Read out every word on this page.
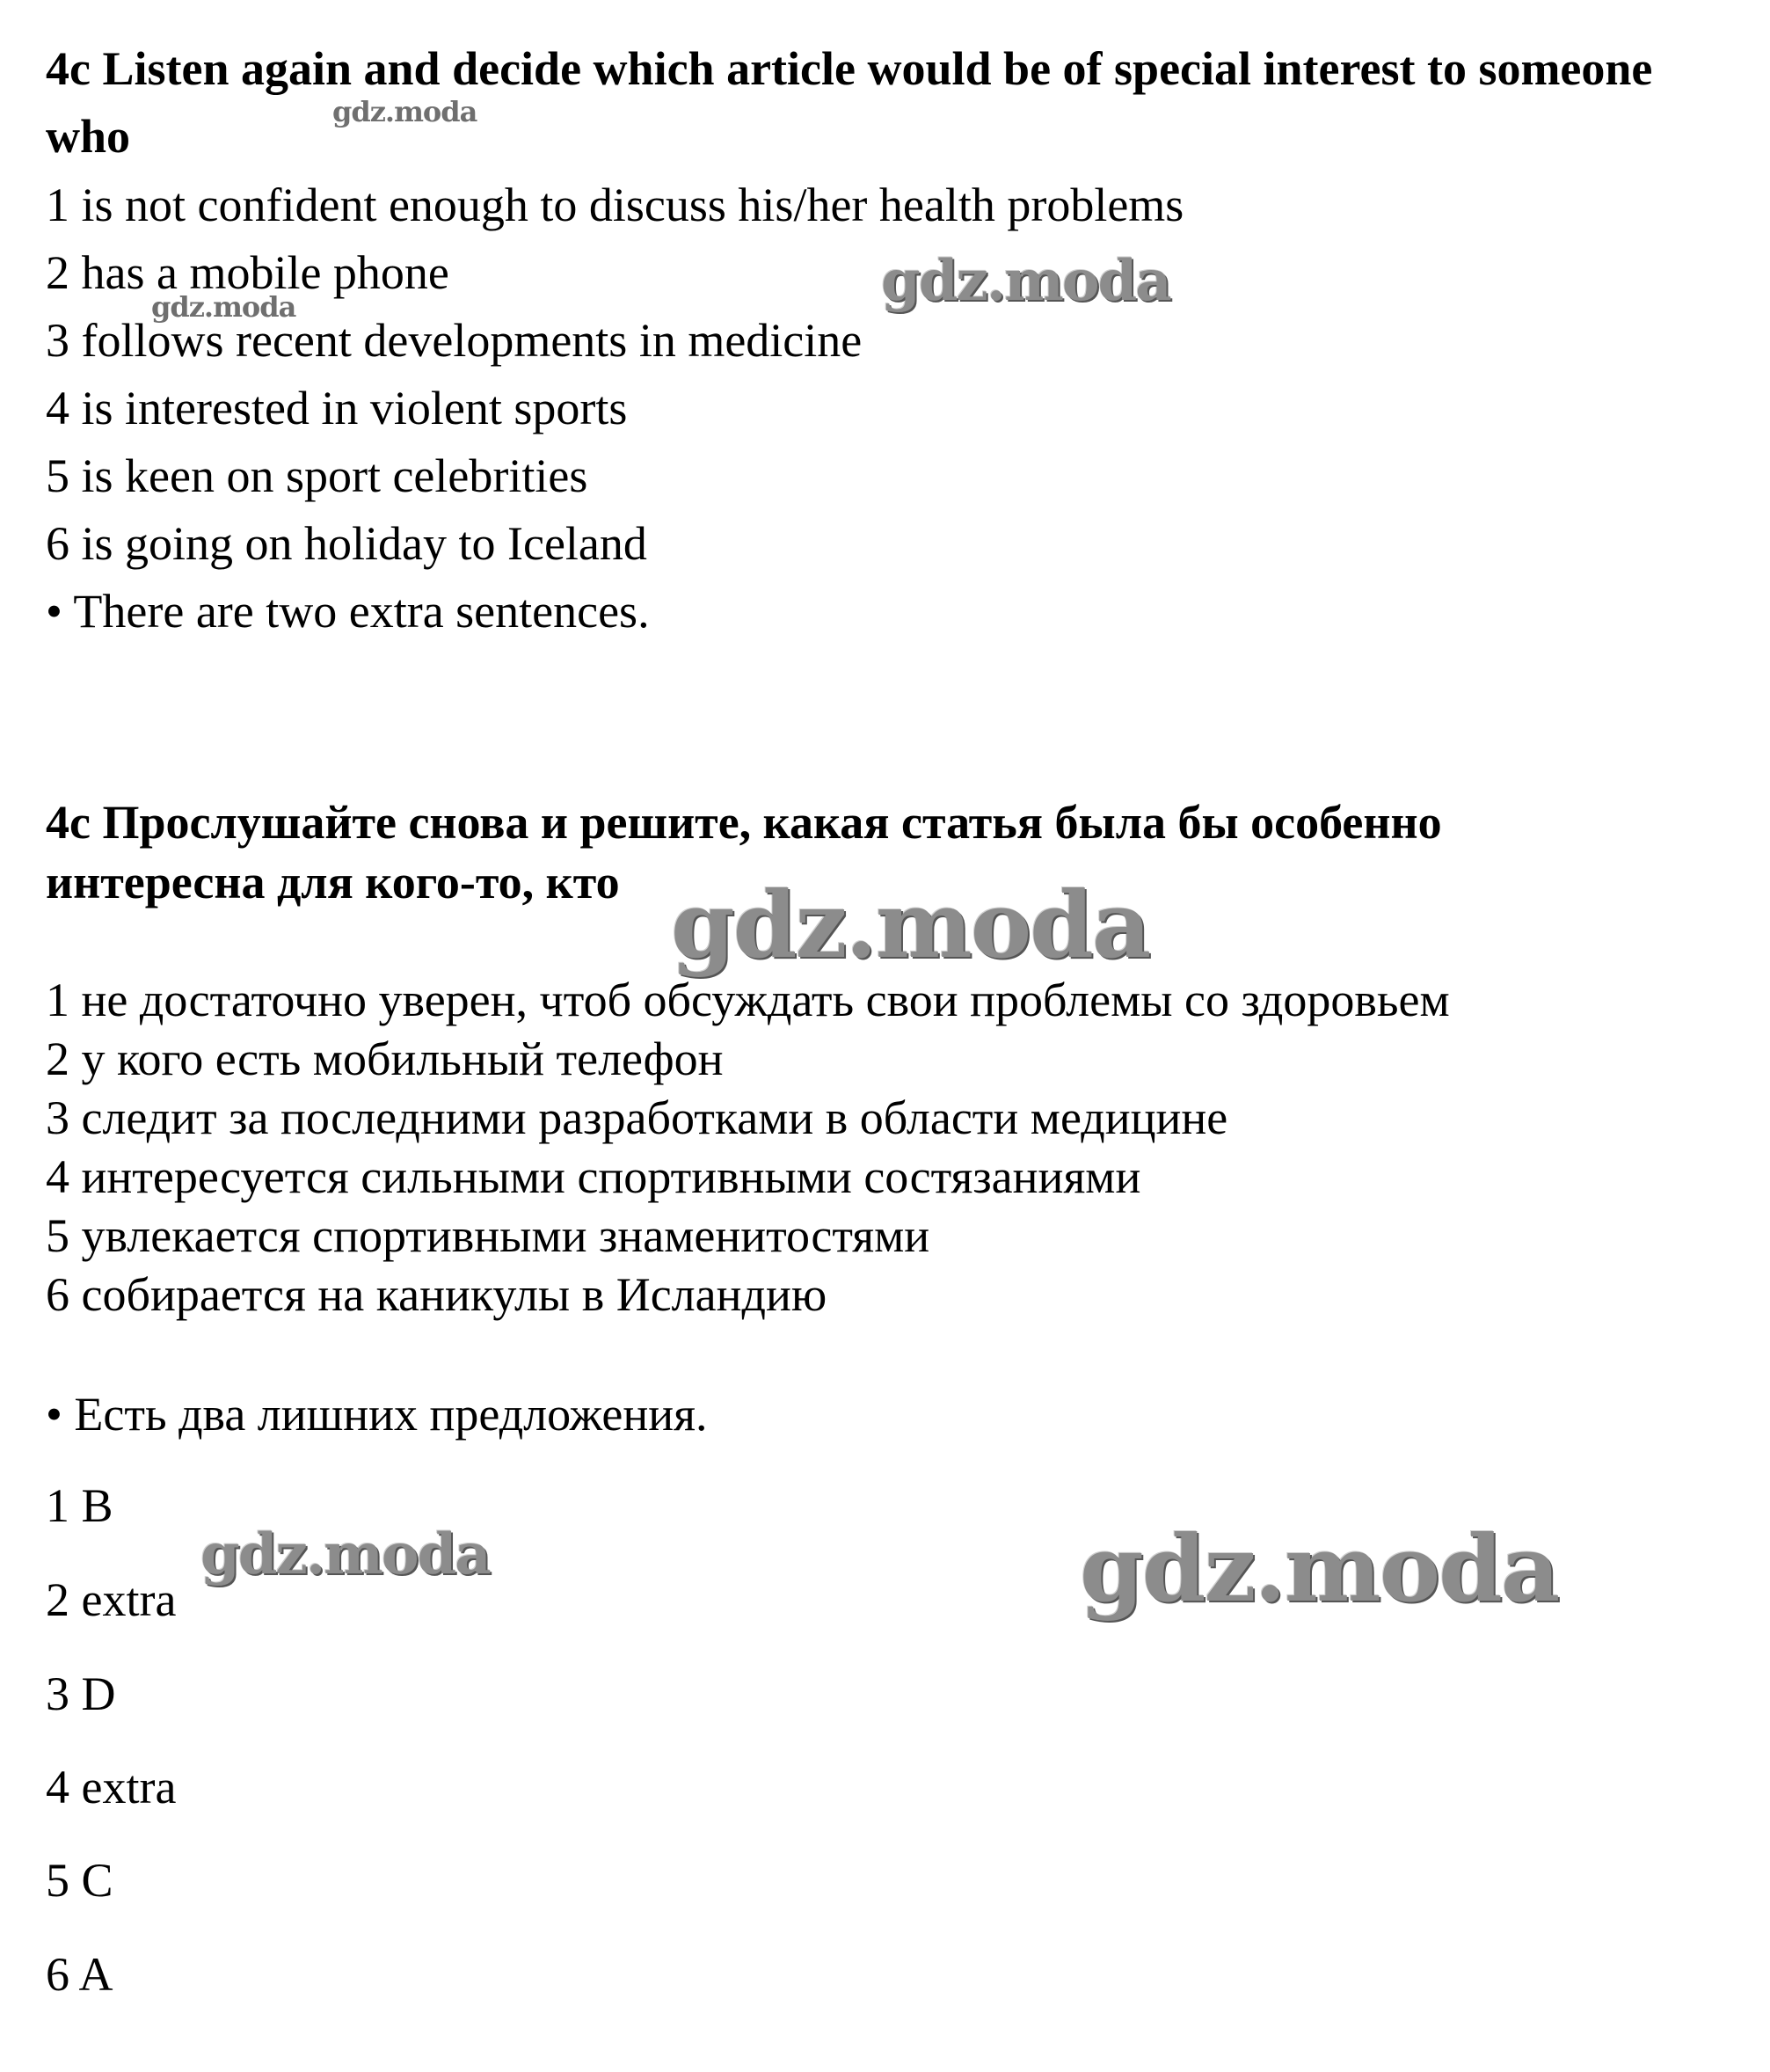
4c Listen again and decide which article would be of special interest to someone who
1 is not confident enough to discuss his/her health problems
2 has a mobile phone
3 follows recent developments in medicine
4 is interested in violent sports
5 is keen on sport celebrities
6 is going on holiday to Iceland
• There are two extra sentences.
4c Прослушайте снова и решите, какая статья была бы особенно интересна для кого-то, кто
1 не достаточно уверен, чтоб обсуждать свои проблемы со здоровьем
2 у кого есть мобильный телефон
3 следит за последними разработками в области медицине
4 интересуется сильными спортивными состязаниями
5 увлекается спортивными знаменитостями
6 собирается на каникулы в Исландию
• Есть два лишних предложения.
1 B
2 extra
3 D
4 extra
5 C
6 A
gdz.moda
gdz.moda	gdz.moda
gdz.moda
gdz.moda	gdz.moda
